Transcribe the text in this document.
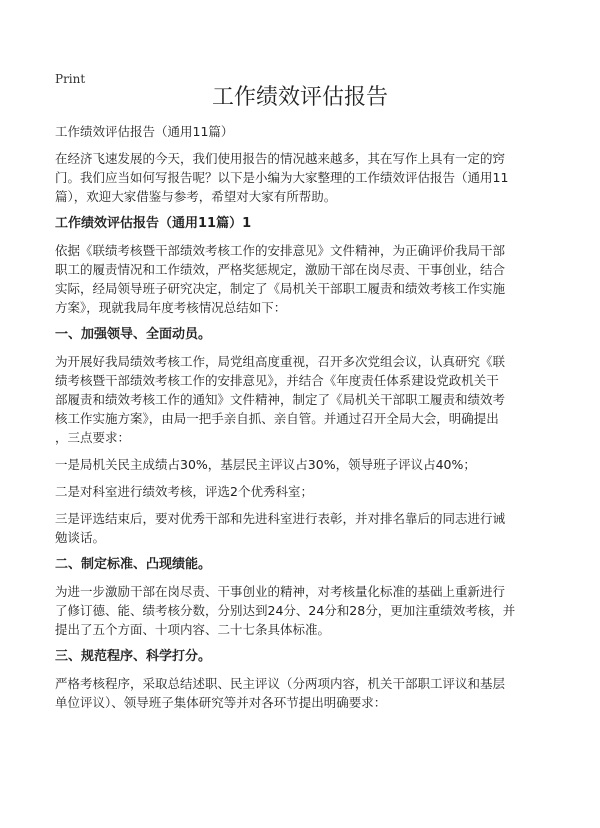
Print
工作绩效评估报告

工作绩效评估报告（通用11篇）

在经济飞速发展的今天，我们使用报告的情况越来越多，其在写作上具有一定的窍
门。我们应当如何写报告呢？以下是小编为大家整理的工作绩效评估报告（通用11
篇），欢迎大家借鉴与参考，希望对大家有所帮助。

工作绩效评估报告（通用11篇）1

依据《联绩考核暨干部绩效考核工作的安排意见》文件精神，为正确评价我局干部
职工的履责情况和工作绩效，严格奖惩规定，激励干部在岗尽责、干事创业，结合
实际，经局领导班子研究决定，制定了《局机关干部职工履责和绩效考核工作实施
方案》，现就我局年度考核情况总结如下：

一、加强领导、全面动员。

为开展好我局绩效考核工作，局党组高度重视，召开多次党组会议，认真研究《联
绩考核暨干部绩效考核工作的安排意见》，并结合《年度责任体系建设党政机关干
部履责和绩效考核工作的通知》文件精神，制定了《局机关干部职工履责和绩效考
核工作实施方案》，由局一把手亲自抓、亲自管。并通过召开全局大会，明确提出
，三点要求：

一是局机关民主成绩占30%，基层民主评议占30%，领导班子评议占40%；

二是对科室进行绩效考核，评选2个优秀科室；

三是评选结束后，要对优秀干部和先进科室进行表彰，并对排名靠后的同志进行诫
勉谈话。

二、制定标准、凸现绩能。

为进一步激励干部在岗尽责、干事创业的精神，对考核量化标准的基础上重新进行
了修订德、能、绩考核分数，分别达到24分、24分和28分，更加注重绩效考核，并
提出了五个方面、十项内容、二十七条具体标准。

三、规范程序、科学打分。

严格考核程序，采取总结述职、民主评议（分两项内容，机关干部职工评议和基层
单位评议）、领导班子集体研究等并对各环节提出明确要求：
